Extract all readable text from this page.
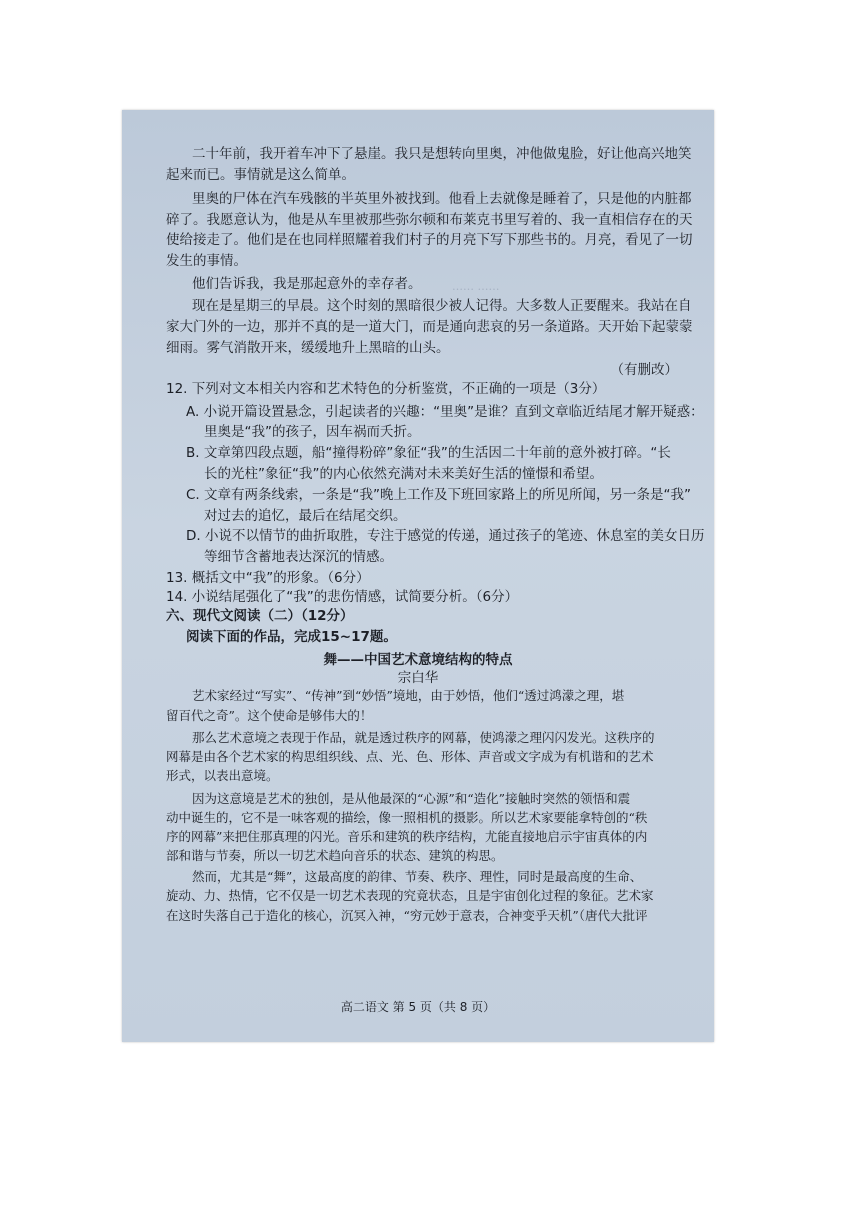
…… ……
二十年前，我开着车冲下了悬崖。我只是想转向里奥，冲他做鬼脸，好让他高兴地笑
起来而已。事情就是这么简单。
里奥的尸体在汽车残骸的半英里外被找到。他看上去就像是睡着了，只是他的内脏都
碎了。我愿意认为，他是从车里被那些弥尔顿和布莱克书里写着的、我一直相信存在的天
使给接走了。他们是在也同样照耀着我们村子的月亮下写下那些书的。月亮，看见了一切
发生的事情。
他们告诉我，我是那起意外的幸存者。
现在是星期三的早晨。这个时刻的黑暗很少被人记得。大多数人正要醒来。我站在自
家大门外的一边，那并不真的是一道大门，而是通向悲哀的另一条道路。天开始下起蒙蒙
细雨。雾气消散开来，缓缓地升上黑暗的山头。
（有删改）
12. 下列对文本相关内容和艺术特色的分析鉴赏，不正确的一项是（3分）
A. 小说开篇设置悬念，引起读者的兴趣：“里奥”是谁？直到文章临近结尾才解开疑惑：
里奥是“我”的孩子，因车祸而夭折。
B. 文章第四段点题，船“撞得粉碎”象征“我”的生活因二十年前的意外被打碎。“长
长的光柱”象征“我”的内心依然充满对未来美好生活的憧憬和希望。
C. 文章有两条线索，一条是“我”晚上工作及下班回家路上的所见所闻，另一条是“我”
对过去的追忆，最后在结尾交织。
D. 小说不以情节的曲折取胜，专注于感觉的传递，通过孩子的笔迹、休息室的美女日历
等细节含蓄地表达深沉的情感。
13. 概括文中“我”的形象。（6分）
14. 小说结尾强化了“我”的悲伤情感，试简要分析。（6分）
六、现代文阅读（二）（12分）
阅读下面的作品，完成15~17题。
舞——中国艺术意境结构的特点
宗白华
艺术家经过“写实”、“传神”到“妙悟”境地，由于妙悟，他们“透过鸿濛之理，堪
留百代之奇”。这个使命是够伟大的！
那么艺术意境之表现于作品，就是透过秩序的网幕，使鸿濛之理闪闪发光。这秩序的
网幕是由各个艺术家的构思组织线、点、光、色、形体、声音或文字成为有机谐和的艺术
形式，以表出意境。
因为这意境是艺术的独创，是从他最深的“心源”和“造化”接触时突然的领悟和震
动中诞生的，它不是一味客观的描绘，像一照相机的摄影。所以艺术家要能拿特创的“秩
序的网幕”来把住那真理的闪光。音乐和建筑的秩序结构，尤能直接地启示宇宙真体的内
部和谐与节奏，所以一切艺术趋向音乐的状态、建筑的构思。
然而，尤其是“舞”，这最高度的韵律、节奏、秩序、理性，同时是最高度的生命、
旋动、力、热情，它不仅是一切艺术表现的究竟状态，且是宇宙创化过程的象征。艺术家
在这时失落自己于造化的核心，沉冥入神，“穷元妙于意表，合神变乎天机”（唐代大批评
高二语文 第 5 页（共 8 页）
